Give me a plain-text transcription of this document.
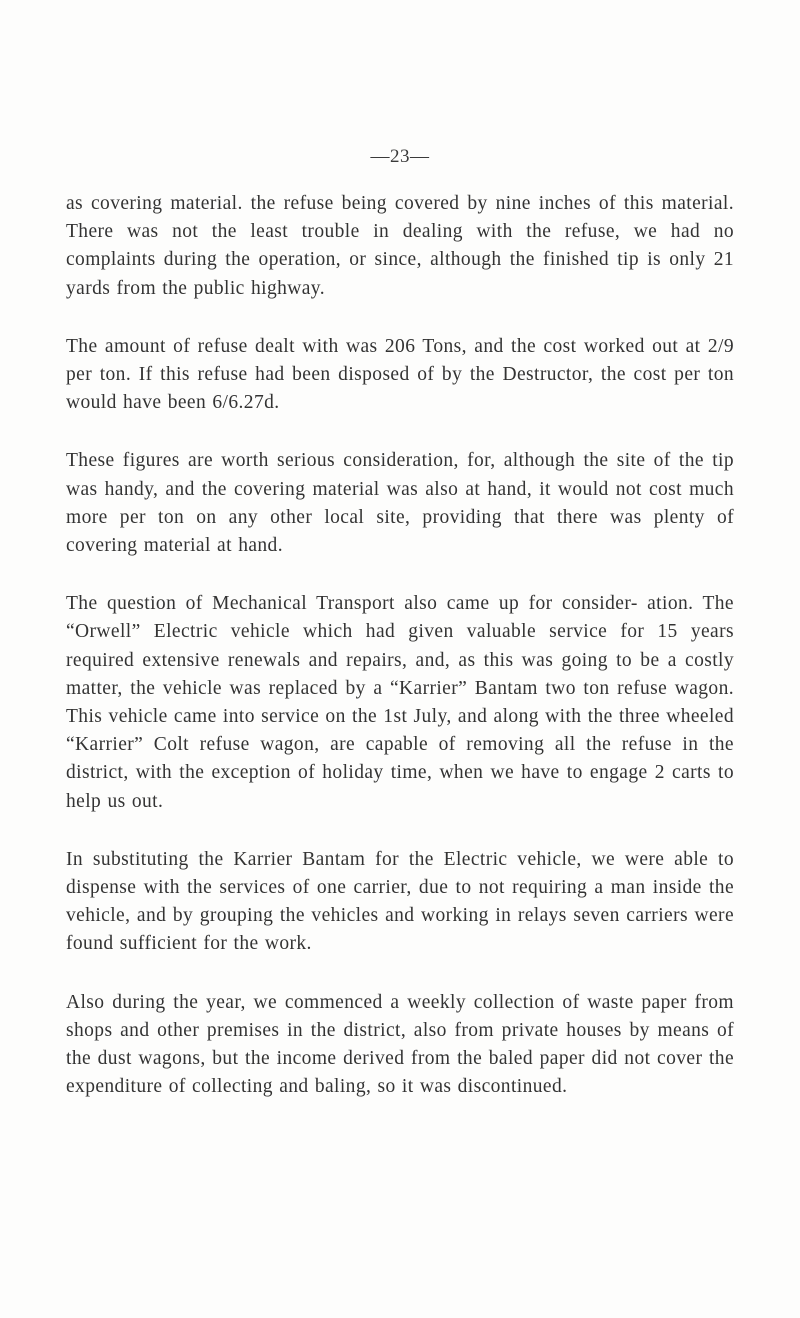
—23—

as covering material. the refuse being covered by nine inches of this material. There was not the least trouble in dealing with the refuse, we had no complaints during the operation, or since, although the finished tip is only 21 yards from the public highway.

The amount of refuse dealt with was 206 Tons, and the cost worked out at 2/9 per ton. If this refuse had been disposed of by the Destructor, the cost per ton would have been 6/6.27d.

These figures are worth serious consideration, for, although the site of the tip was handy, and the covering material was also at hand, it would not cost much more per ton on any other local site, providing that there was plenty of covering material at hand.

The question of Mechanical Transport also came up for consider- ation. The “Orwell” Electric vehicle which had given valuable service for 15 years required extensive renewals and repairs, and, as this was going to be a costly matter, the vehicle was replaced by a “Karrier” Bantam two ton refuse wagon. This vehicle came into service on the 1st July, and along with the three wheeled “Karrier” Colt refuse wagon, are capable of removing all the refuse in the district, with the exception of holiday time, when we have to engage 2 carts to help us out.

In substituting the Karrier Bantam for the Electric vehicle, we were able to dispense with the services of one carrier, due to not requiring a man inside the vehicle, and by grouping the vehicles and working in relays seven carriers were found sufficient for the work.

Also during the year, we commenced a weekly collection of waste paper from shops and other premises in the district, also from private houses by means of the dust wagons, but the income derived from the baled paper did not cover the expenditure of collecting and baling, so it was discontinued.
